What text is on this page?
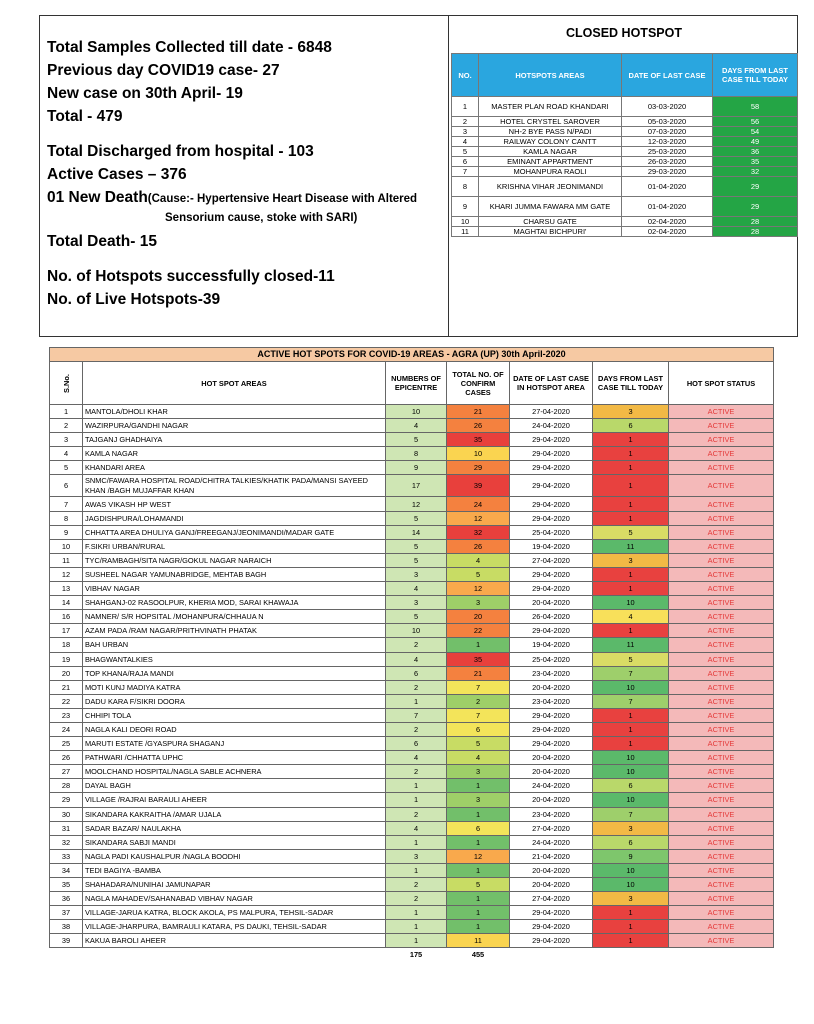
Total Samples Collected till date - 6848
Previous day COVID19 case- 27
New case on 30th April- 19
Total - 479
Total Discharged from hospital - 103
Active Cases – 376
01 New Death(Cause:- Hypertensive Heart Disease with Altered
Sensorium cause, stoke with SARI)
Total Death- 15
No. of Hotspots successfully closed-11
No. of Live Hotspots-39
CLOSED HOTSPOT
NO.	HOTSPOTS AREAS	DATE OF LAST CASE	DAYS FROM LAST CASE TILL TODAY
1	MASTER PLAN ROAD KHANDARI	03-03-2020	58
2	HOTEL CRYSTEL SAROVER	05-03-2020	56
3	NH-2 BYE PASS N/PADI	07-03-2020	54
4	RAILWAY COLONY CANTT	12-03-2020	49
5	KAMLA NAGAR	25-03-2020	36
6	EMINANT APPARTMENT	26-03-2020	35
7	MOHANPURA RAOLI	29-03-2020	32
8	KRISHNA VIHAR JEONIMANDI	01-04-2020	29
9	KHARI JUMMA FAWARA MM GATE	01-04-2020	29
10	CHARSU GATE	02-04-2020	28
11	MAGHTAI BICHPURI'	02-04-2020	28
ACTIVE HOT SPOTS FOR COVID-19 AREAS - AGRA (UP) 30th April-2020						
S.No.	HOT SPOT AREAS	NUMBERS OF EPICENTRE	TOTAL NO. OF CONFIRM CASES	DATE OF LAST CASE IN HOTSPOT AREA	DAYS FROM LAST CASE TILL TODAY	HOT SPOT STATUS
1	MANTOLA/DHOLI KHAR	10	21	27-04-2020	3	ACTIVE
2	WAZIRPURA/GANDHI NAGAR	4	26	24-04-2020	6	ACTIVE
3	TAJGANJ GHADHAIYA	5	35	29-04-2020	1	ACTIVE
4	KAMLA NAGAR	8	10	29-04-2020	1	ACTIVE
5	KHANDARI AREA	9	29	29-04-2020	1	ACTIVE
6	SNMC/FAWARA HOSPITAL ROAD/CHITRA TALKIES/KHATIK PADA/MANSI SAYEED KHAN /BAGH MUJAFFAR KHAN	17	39	29-04-2020	1	ACTIVE
7	AWAS VIKASH HP WEST	12	24	29-04-2020	1	ACTIVE
8	JAGDISHPURA/LOHAMANDI	5	12	29-04-2020	1	ACTIVE
9	CHHATTA AREA DHULIYA GANJ/FREEGANJ/JEONIMANDI/MADAR GATE	14	32	25-04-2020	5	ACTIVE
10	F.SIKRI URBAN/RURAL	5	26	19-04-2020	11	ACTIVE
11	TYC/RAMBAGH/SITA NAGR/GOKUL NAGAR NARAICH	5	4	27-04-2020	3	ACTIVE
12	SUSHEEL NAGAR YAMUNABRIDGE, MEHTAB BAGH	3	5	29-04-2020	1	ACTIVE
13	VIBHAV NAGAR	4	12	29-04-2020	1	ACTIVE
14	SHAHGANJ-02 RASOOLPUR, KHERIA MOD, SARAI KHAWAJA	3	3	20-04-2020	10	ACTIVE
16	NAMNER/ S/R HOPSITAL /MOHANPURA/CHHAUA N	5	20	26-04-2020	4	ACTIVE
17	AZAM PADA /RAM NAGAR/PRITHVINATH PHATAK	10	22	29-04-2020	1	ACTIVE
18	BAH URBAN	2	1	19-04-2020	11	ACTIVE
19	BHAGWANTALKIES	4	35	25-04-2020	5	ACTIVE
20	TOP KHANA/RAJA MANDI	6	21	23-04-2020	7	ACTIVE
21	MOTI KUNJ MADIYA KATRA	2	7	20-04-2020	10	ACTIVE
22	DADU KARA F/SIKRI DOORA	1	2	23-04-2020	7	ACTIVE
23	CHHIPI TOLA	7	7	29-04-2020	1	ACTIVE
24	NAGLA KALI DEORI ROAD	2	6	29-04-2020	1	ACTIVE
25	MARUTI ESTATE /GYASPURA SHAGANJ	6	5	29-04-2020	1	ACTIVE
26	PATHWARI /CHHATTA UPHC	4	4	20-04-2020	10	ACTIVE
27	MOOLCHAND HOSPITAL/NAGLA SABLE ACHNERA	2	3	20-04-2020	10	ACTIVE
28	DAYAL BAGH	1	1	24-04-2020	6	ACTIVE
29	VILLAGE /RAJRAI BARAULI AHEER	1	3	20-04-2020	10	ACTIVE
30	SIKANDARA KAKRAITHA /AMAR UJALA	2	1	23-04-2020	7	ACTIVE
31	SADAR BAZAR/ NAULAKHA	4	6	27-04-2020	3	ACTIVE
32	SIKANDARA SABJI MANDI	1	1	24-04-2020	6	ACTIVE
33	NAGLA PADI KAUSHALPUR /NAGLA BOODHI	3	12	21-04-2020	9	ACTIVE
34	TEDI BAGIYA -BAMBA	1	1	20-04-2020	10	ACTIVE
35	SHAHADARA/NUNIHAI JAMUNAPAR	2	5	20-04-2020	10	ACTIVE
36	NAGLA MAHADEV/SAHANABAD VIBHAV NAGAR	2	1	27-04-2020	3	ACTIVE
37	VILLAGE-JARUA KATRA, BLOCK AKOLA, PS MALPURA, TEHSIL-SADAR	1	1	29-04-2020	1	ACTIVE
38	VILLAGE-JHARPURA, BAMRAULI KATARA, PS DAUKI, TEHSIL-SADAR	1	1	29-04-2020	1	ACTIVE
39	KAKUA BAROLI AHEER	1	11	29-04-2020	1	ACTIVE
		175	455			
